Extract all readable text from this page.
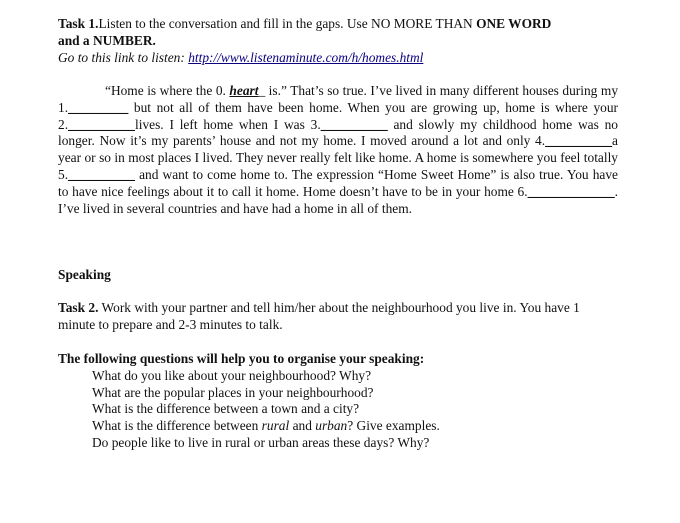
Task 1.Listen to the conversation and fill in the gaps. Use NO MORE THAN ONE WORD
and a NUMBER.

Go to this link to listen: http://www.listenaminute.com/h/homes.html

“Home is where the 0. heart_ is.” That’s so true. I’ve lived in many different houses during my 1._________ but not all of them have been home. When you are growing up, home is where your 2.__________lives. I left home when I was 3.__________ and slowly my childhood home was no longer. Now it’s my parents’ house and not my home. I moved around a lot and only 4.__________a year or so in most places I lived. They never really felt like home. A home is somewhere you feel totally 5.__________ and want to come home to. The expression “Home Sweet Home” is also true. You have to have nice feelings about it to call it home. Home doesn’t have to be in your home 6._____________. I’ve lived in several countries and have had a home in all of them.

Speaking

Task 2. Work with your partner and tell him/her about the neighbourhood you live in. You have 1 minute to prepare and 2-3 minutes to talk.

The following questions will help you to organise your speaking:

What do you like about your neighbourhood? Why?
What are the popular places in your neighbourhood?
What is the difference between a town and a city?
What is the difference between rural and urban? Give examples.
Do people like to live in rural or urban areas these days? Why?
